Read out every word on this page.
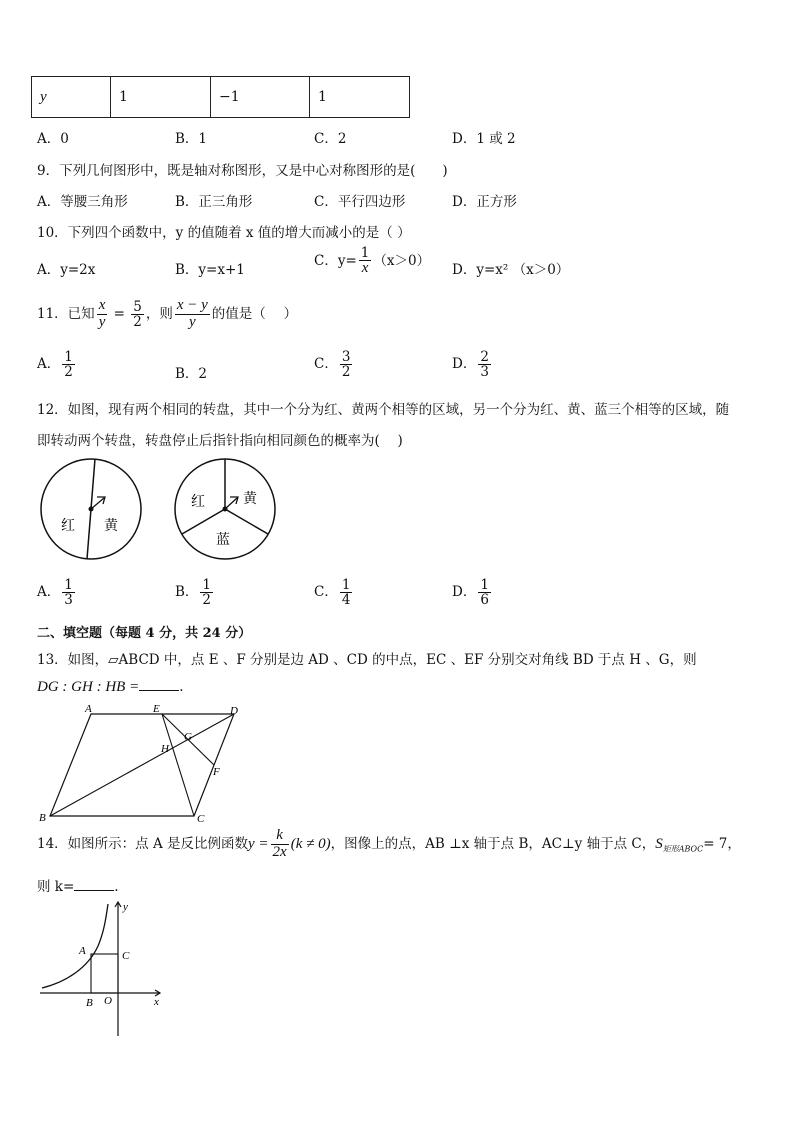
y	1	−1	1
A．0	B．1	C．2	D．1 或 2
9．下列几何图形中，既是轴对称图形，又是中心对称图形的是(　　)
A．等腰三角形	B．正三角形	C．平行四边形	D．正方形
10．下列四个函数中，y 的值随着 x 值的增大而减小的是（ ）
A．y=2x	B．y=x+1
C．$y= \frac{1}{x} (x>0)$
D．y=x² （x＞0）
11．已知 $\frac{x}{y} = \frac{5}{2}$ ，则 $\frac{x - y}{y}$ 的值是（　 ）
A． $\frac{1}{2}$	B．2
C． $\frac{3}{2}$	D． $\frac{2}{3}$
12．如图，现有两个相同的转盘，其中一个分为红、黄两个相等的区域，另一个分为红、黄、蓝三个相等的区域，随
即转动两个转盘，转盘停止后指针指向相同颜色的概率为(　 )
红 黄
红	黄
蓝
A． $\frac{1}{3}$	B． $\frac{1}{2}$	C． $\frac{1}{4}$	D． $\frac{1}{6}$
二、填空题（每题 4 分，共 24 分）
13．如图，▱ABCD 中，点 E 、F 分别是边 AD 、CD 的中点，EC 、EF 分别交对角线 BD 于点 H 、G，则
DG : GH : HB =	.
A	E	D
G
H
F
B	C
14．如图所示：点 A 是反比例函数$y = \frac{k}{2x} (k \ne 0)$，图像上的点，AB ⊥x 轴于点 B，AC⊥y 轴于点 C，$S_{矩形ABOC}= 7$，
则 k=	.
y
A	C
B O	x
